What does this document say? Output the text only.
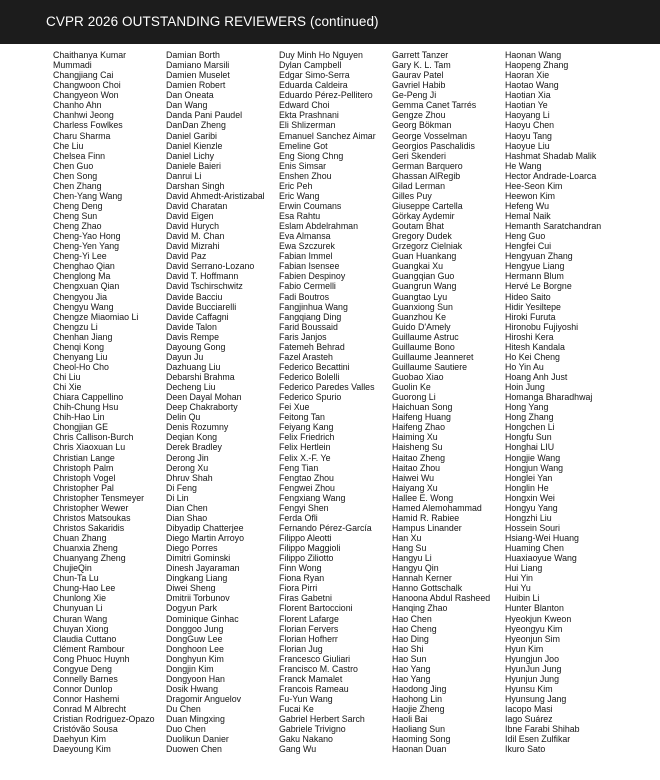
CVPR 2026 OUTSTANDING REVIEWERS (continued)
Chaithanya Kumar
Mummadi
Changjiang Cai
Changwoon Choi
Changyeon Won
Chanho Ahn
Chanhwi Jeong
Charless Fowlkes
Charu Sharma
Che Liu
Chelsea Finn
Chen Guo
Chen Song
Chen Zhang
Chen-Yang Wang
Cheng Deng
Cheng Sun
Cheng Zhao
Cheng-Yao Hong
Cheng-Yen Yang
Cheng-Yi Lee
Chenghao Qian
Chenglong Ma
Chengxuan Qian
Chengyou Jia
Chengyu Wang
Chengze Miaomiao Li
Chengzu Li
Chenhan Jiang
Chenqi Kong
Chenyang Liu
Cheol-Ho Cho
Chi Liu
Chi Xie
Chiara Cappellino
Chih-Chung Hsu
Chih-Hao Lin
Chongjian GE
Chris Callison-Burch
Chris Xiaoxuan Lu
Christian Lange
Christoph Palm
Christoph Vogel
Christopher Pal
Christopher Tensmeyer
Christopher Wewer
Christos Matsoukas
Christos Sakaridis
Chuan Zhang
Chuanxia Zheng
Chuanyang Zheng
ChujieQin
Chun-Ta Lu
Chung-Hao Lee
Chunlong Xie
Chunyuan Li
Churan Wang
Chuyan Xiong
Claudia Cuttano
Clément Rambour
Cong Phuoc Huynh
Congyue Deng
Connelly Barnes
Connor Dunlop
Connor Hashemi
Conrad M Albrecht
Cristian Rodriguez-Opazo
Cristóvão Sousa
Daehyun Kim
Daeyoung Kim
Damian Borth
Damiano Marsili
Damien Muselet
Damien Robert
Dan Oneata
Dan Wang
Danda Pani Paudel
DanDan Zheng
Daniel Garibi
Daniel Kienzle
Daniel Lichy
Daniele Baieri
Danrui Li
Darshan Singh
David Ahmedt-Aristizabal
David Charatan
David Eigen
David Hurych
David M. Chan
David Mizrahi
David Paz
David Serrano-Lozano
David T. Hoffmann
David Tschirschwitz
Davide Bacciu
Davide Bucciarelli
Davide Caffagni
Davide Talon
Davis Rempe
Dayoung Gong
Dayun Ju
Dazhuang Liu
Debarshi Brahma
Decheng Liu
Deen Dayal Mohan
Deep Chakraborty
Delin Qu
Denis Rozumny
Deqian Kong
Derek Bradley
Derong Jin
Derong Xu
Dhruv Shah
Di Feng
Di Lin
Dian Chen
Dian Shao
Dibyadip Chatterjee
Diego Martin Arroyo
Diego Porres
Dimitri Gominski
Dinesh Jayaraman
Dingkang Liang
Diwei Sheng
Dmitrii Torbunov
Dogyun Park
Dominique Ginhac
Donggoo Jung
DongGuw Lee
Donghoon Lee
Donghyun Kim
Dongjin Kim
Dongyoon Han
Dosik Hwang
Dragomir Anguelov
Du Chen
Duan Mingxing
Duo Chen
Duolikun Danier
Duowen Chen
Duy Minh Ho Nguyen
Dylan Campbell
Edgar Simo-Serra
Eduarda Caldeira
Eduardo Pérez-Pellitero
Edward Choi
Ekta Prashnani
Eli Shlizerman
Emanuel Sanchez Aimar
Emeline Got
Eng Siong Chng
Enis Simsar
Enshen Zhou
Eric Peh
Eric Wang
Erwin Coumans
Esa Rahtu
Eslam Abdelrahman
Eva Almansa
Ewa Szczurek
Fabian Immel
Fabian Isensee
Fabien Despinoy
Fabio Cermelli
Fadi Boutros
Fangjinhua Wang
Fangqiang Ding
Farid Boussaid
Faris Janjos
Fatemeh Behrad
Fazel Arasteh
Federico Becattini
Federico Bolelli
Federico Paredes Valles
Federico Spurio
Fei Xue
Feitong Tan
Feiyang Kang
Felix Friedrich
Felix Hertlein
Felix X.-F. Ye
Feng Tian
Fengtao Zhou
Fengwei Zhou
Fengxiang Wang
Fengyi Shen
Ferda Ofli
Fernando Pérez-García
Filippo Aleotti
Filippo Maggioli
Filippo Ziliotto
Finn Wong
Fiona Ryan
Fiora Pirri
Firas Gabetni
Florent Bartoccioni
Florent Lafarge
Florian Fervers
Florian Hofherr
Florian Jug
Francesco Giuliari
Francisco M. Castro
Franck Mamalet
Francois Rameau
Fu-Yun Wang
Fucai Ke
Gabriel Herbert Sarch
Gabriele Trivigno
Gaku Nakano
Gang Wu
Garrett Tanzer
Gary K. L. Tam
Gaurav Patel
Gavriel Habib
Ge-Peng Ji
Gemma Canet Tarrés
Gengze Zhou
Georg Bökman
George Vosselman
Georgios Paschalidis
Geri Skenderi
German Barquero
Ghassan AlRegib
Gilad Lerman
Gilles Puy
Giuseppe Cartella
Görkay Aydemir
Goutam Bhat
Gregory Dudek
Grzegorz Cielniak
Guan Huankang
Guangkai Xu
Guangqian Guo
Guangrun Wang
Guangtao Lyu
Guanxiong Sun
Guanzhou Ke
Guido D'Amely
Guillaume Astruc
Guillaume Bono
Guillaume Jeanneret
Guillaume Sautiere
Guobao Xiao
Guolin Ke
Guorong Li
Haichuan Song
Haifeng Huang
Haifeng Zhao
Haiming Xu
Haisheng Su
Haitao Zheng
Haitao Zhou
Haiwei Wu
Haiyang Xu
Hallee E. Wong
Hamed Alemohammad
Hamid R. Rabiee
Hampus Linander
Han Xu
Hang Su
Hangyu Li
Hangyu Qin
Hannah Kerner
Hanno Gottschalk
Hanoona Abdul Rasheed
Hanqing Zhao
Hao Chen
Hao Cheng
Hao Ding
Hao Shi
Hao Sun
Hao Yang
Hao Yang
Haodong Jing
Haohong Lin
Haojie Zheng
Haoli Bai
Haoliang Sun
Haoming Song
Haonan Duan
Haonan Wang
Haopeng Zhang
Haoran Xie
Haotao Wang
Haotian Xia
Haotian Ye
Haoyang Li
Haoyu Chen
Haoyu Tang
Haoyue Liu
Hashmat Shadab Malik
He Wang
Hector Andrade-Loarca
Hee-Seon Kim
Heewon Kim
Hefeng Wu
Hemal Naik
Hemanth Saratchandran
Heng Guo
Hengfei Cui
Hengyuan Zhang
Hengyue Liang
Hermann Blum
Hervé Le Borgne
Hideo Saito
Hidir Yesiltepe
Hiroki Furuta
Hironobu Fujiyoshi
Hiroshi Kera
Hitesh Kandala
Ho Kei Cheng
Ho Yin Au
Hoang Anh Just
Hoin Jung
Homanga Bharadhwaj
Hong Yang
Hong Zhang
Hongchen Li
Hongfu Sun
Honghai LIU
Hongjie Wang
Hongjun Wang
Honglei Yan
Honglin He
Hongxin Wei
Hongyu Yang
Hongzhi Liu
Hossein Souri
Hsiang-Wei Huang
Huaming Chen
Huaxiaoyue Wang
Hui Liang
Hui Yin
Hui Yu
Huibin Li
Hunter Blanton
Hyeokjun Kweon
Hyeongyu Kim
Hyeonjun Sim
Hyun Kim
Hyungjun Joo
HyunJun Jung
Hyunjun Jung
Hyunsu Kim
Hyunsung Jang
Iacopo Masi
Iago Suárez
Ibne Farabi Shihab
Idil Esen Zulfikar
Ikuro Sato
